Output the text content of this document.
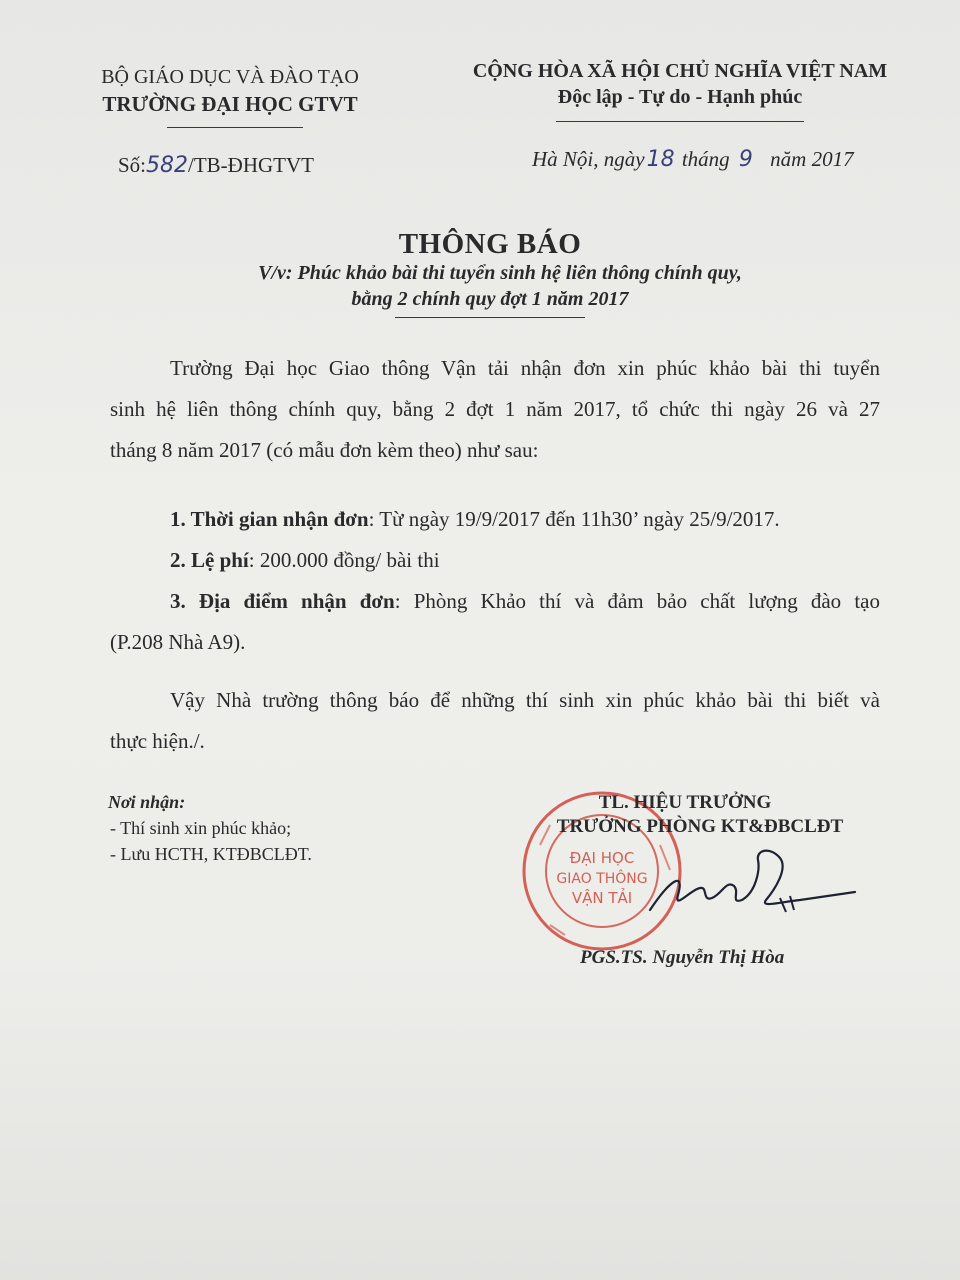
BỘ GIÁO DỤC VÀ ĐÀO TẠO
TRƯỜNG ĐẠI HỌC GTVT
Số:582/TB-ĐHGTVT
CỘNG HÒA XÃ HỘI CHỦ NGHĨA VIỆT NAM
Độc lập - Tự do - Hạnh phúc
Hà Nội, ngày18 tháng 9 năm 2017
THÔNG BÁO
V/v: Phúc khảo bài thi tuyển sinh hệ liên thông chính quy,
bằng 2 chính quy đợt 1 năm 2017
Trường Đại học Giao thông Vận tải nhận đơn xin phúc khảo bài thi tuyển
sinh hệ liên thông chính quy, bằng 2 đợt 1 năm 2017, tổ chức thi ngày 26 và 27
tháng 8 năm 2017 (có mẫu đơn kèm theo) như sau:
1. Thời gian nhận đơn: Từ ngày 19/9/2017 đến 11h30’ ngày 25/9/2017.
2. Lệ phí: 200.000 đồng/ bài thi
3. Địa điểm nhận đơn: Phòng Khảo thí và đảm bảo chất lượng đào tạo
(P.208 Nhà A9).
Vậy Nhà trường thông báo để những thí sinh xin phúc khảo bài thi biết và
thực hiện./.
Nơi nhận:
- Thí sinh xin phúc khảo;
- Lưu HCTH, KTĐBCLĐT.	ĐẠI HỌC
GIAO THÔNG
VẬN TẢI
TL. HIỆU TRƯỞNG
TRƯỞNG PHÒNG KT&ĐBCLĐT
PGS.TS. Nguyễn Thị Hòa
